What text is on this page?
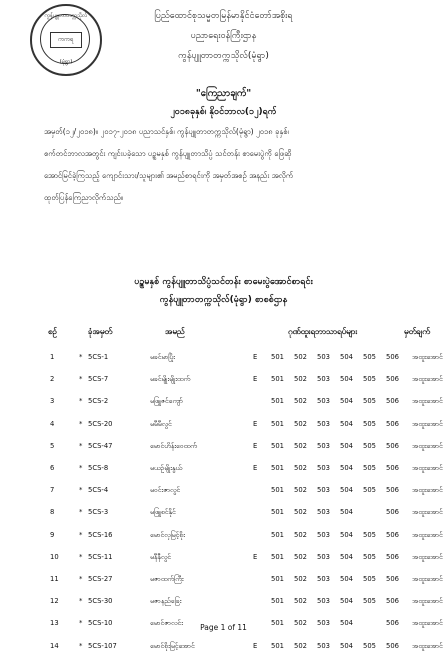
ကွန်ပျူတာတက္ကသိုလ်
ကကရ
(မုံရွာ)
ပြည်ထောင်စုသမ္မတမြန်မာနိုင်ငံတော်အစိုးရ
ပညာရေးဝန်ကြီးဌာန
ကွန်ပျူတာတက္ကသိုလ်(မုံရွာ)
"ကြေညာချက်"
၂၀၁၈ခုနှစ်၊ နိုဝင်ဘာလ(၁၂)ရက်
အမှတ်(၁၂/၂၀၁၈)။ ၂၀၁၇-၂၀၁၈ ပညာသင်နှစ်၊ ကွန်ပျူတာတက္ကသိုလ်(မုံရွာ) ၂၀၁၈ ခုနှစ်၊
စက်တင်ဘာလအတွင်း ကျင်းပခဲ့သော ပဉ္စမနှစ် ကွန်ပျူတာသိပ္ပံ သင်တန်း စာမေးပွဲကို ဖြေဆို
အောင်မြင်ခဲ့ကြသည့် ကျောင်းသား/သူများ၏ အမည်စာရင်းကို အမှတ်အစဉ် အနည်း အလိုက်
ထုတ်ပြန်ကြေညာလိုက်သည်။
ပဉ္စမနှစ် ကွန်ပျူတာသိပ္ပံသင်တန်း စာမေးပွဲအောင်စာရင်း
ကွန်ပျူတာတက္ကသိုလ်(မုံရွာ) စာစစ်ဌာန
စဉ်	ခုံအမှတ်	အမည်	ဂုဏ်ထူးရဘာသာရပ်များ	မှတ်ချက်
1	* 5CS-1	မခင်မာပြိုး	E 501 502 503 504 505 506 အထူးအောင်
2	* 5CS-7	မခင်မျိုးမျိုးထက်	E 501 502 503 504 505 506 အထူးအောင်
3	* 5CS-2	မဖြူဇင်ကျော်	501 502 503 504 505 506 အထူးအောင်
4	* 5CS-20	မမီမီလွင်	E 501 502 503 504 505 506 အထူးအောင်
5	* 5CS-47	မောင်ဟိန်းဝေထက်	E 501 502 503 504 505 506 အထူးအောင်
6	* 5CS-8	မယဉ်မျိုးနွယ်	E 501 502 503 504 505 506 အထူးအောင်
7	* 5CS-4	မဝင်းဇာလွင်	501 502 503 504 505 506 အထူးအောင်
8	* 5CS-3	မဖြူစင်နိုင်	501 502 503 504	506 အထူးအောင်
9	* 5CS-16	မောင်လှမြင့်စိုး	501 502 503 504 505 506 အထူးအောင်
10	* 5CS-11	မနီနီလွင်	E 501 502 503 504 505 506 အထူးအောင်
11	* 5CS-27	မဇာထက်ကြီး	501 502 503 504 505 506 အထူးအောင်
12	* 5CS-30	မဇာနည်ခြေး	501 502 503 504 505 506 အထူးအောင်
13	* 5CS-10	မောင်ဇာလင်း	501 502 503 504	506 အထူးအောင်
14	* 5CS-107	မောင်စိုးမြင့်အောင်	E 501 502 503 504 505 506 အထူးအောင်
Page 1 of 11
